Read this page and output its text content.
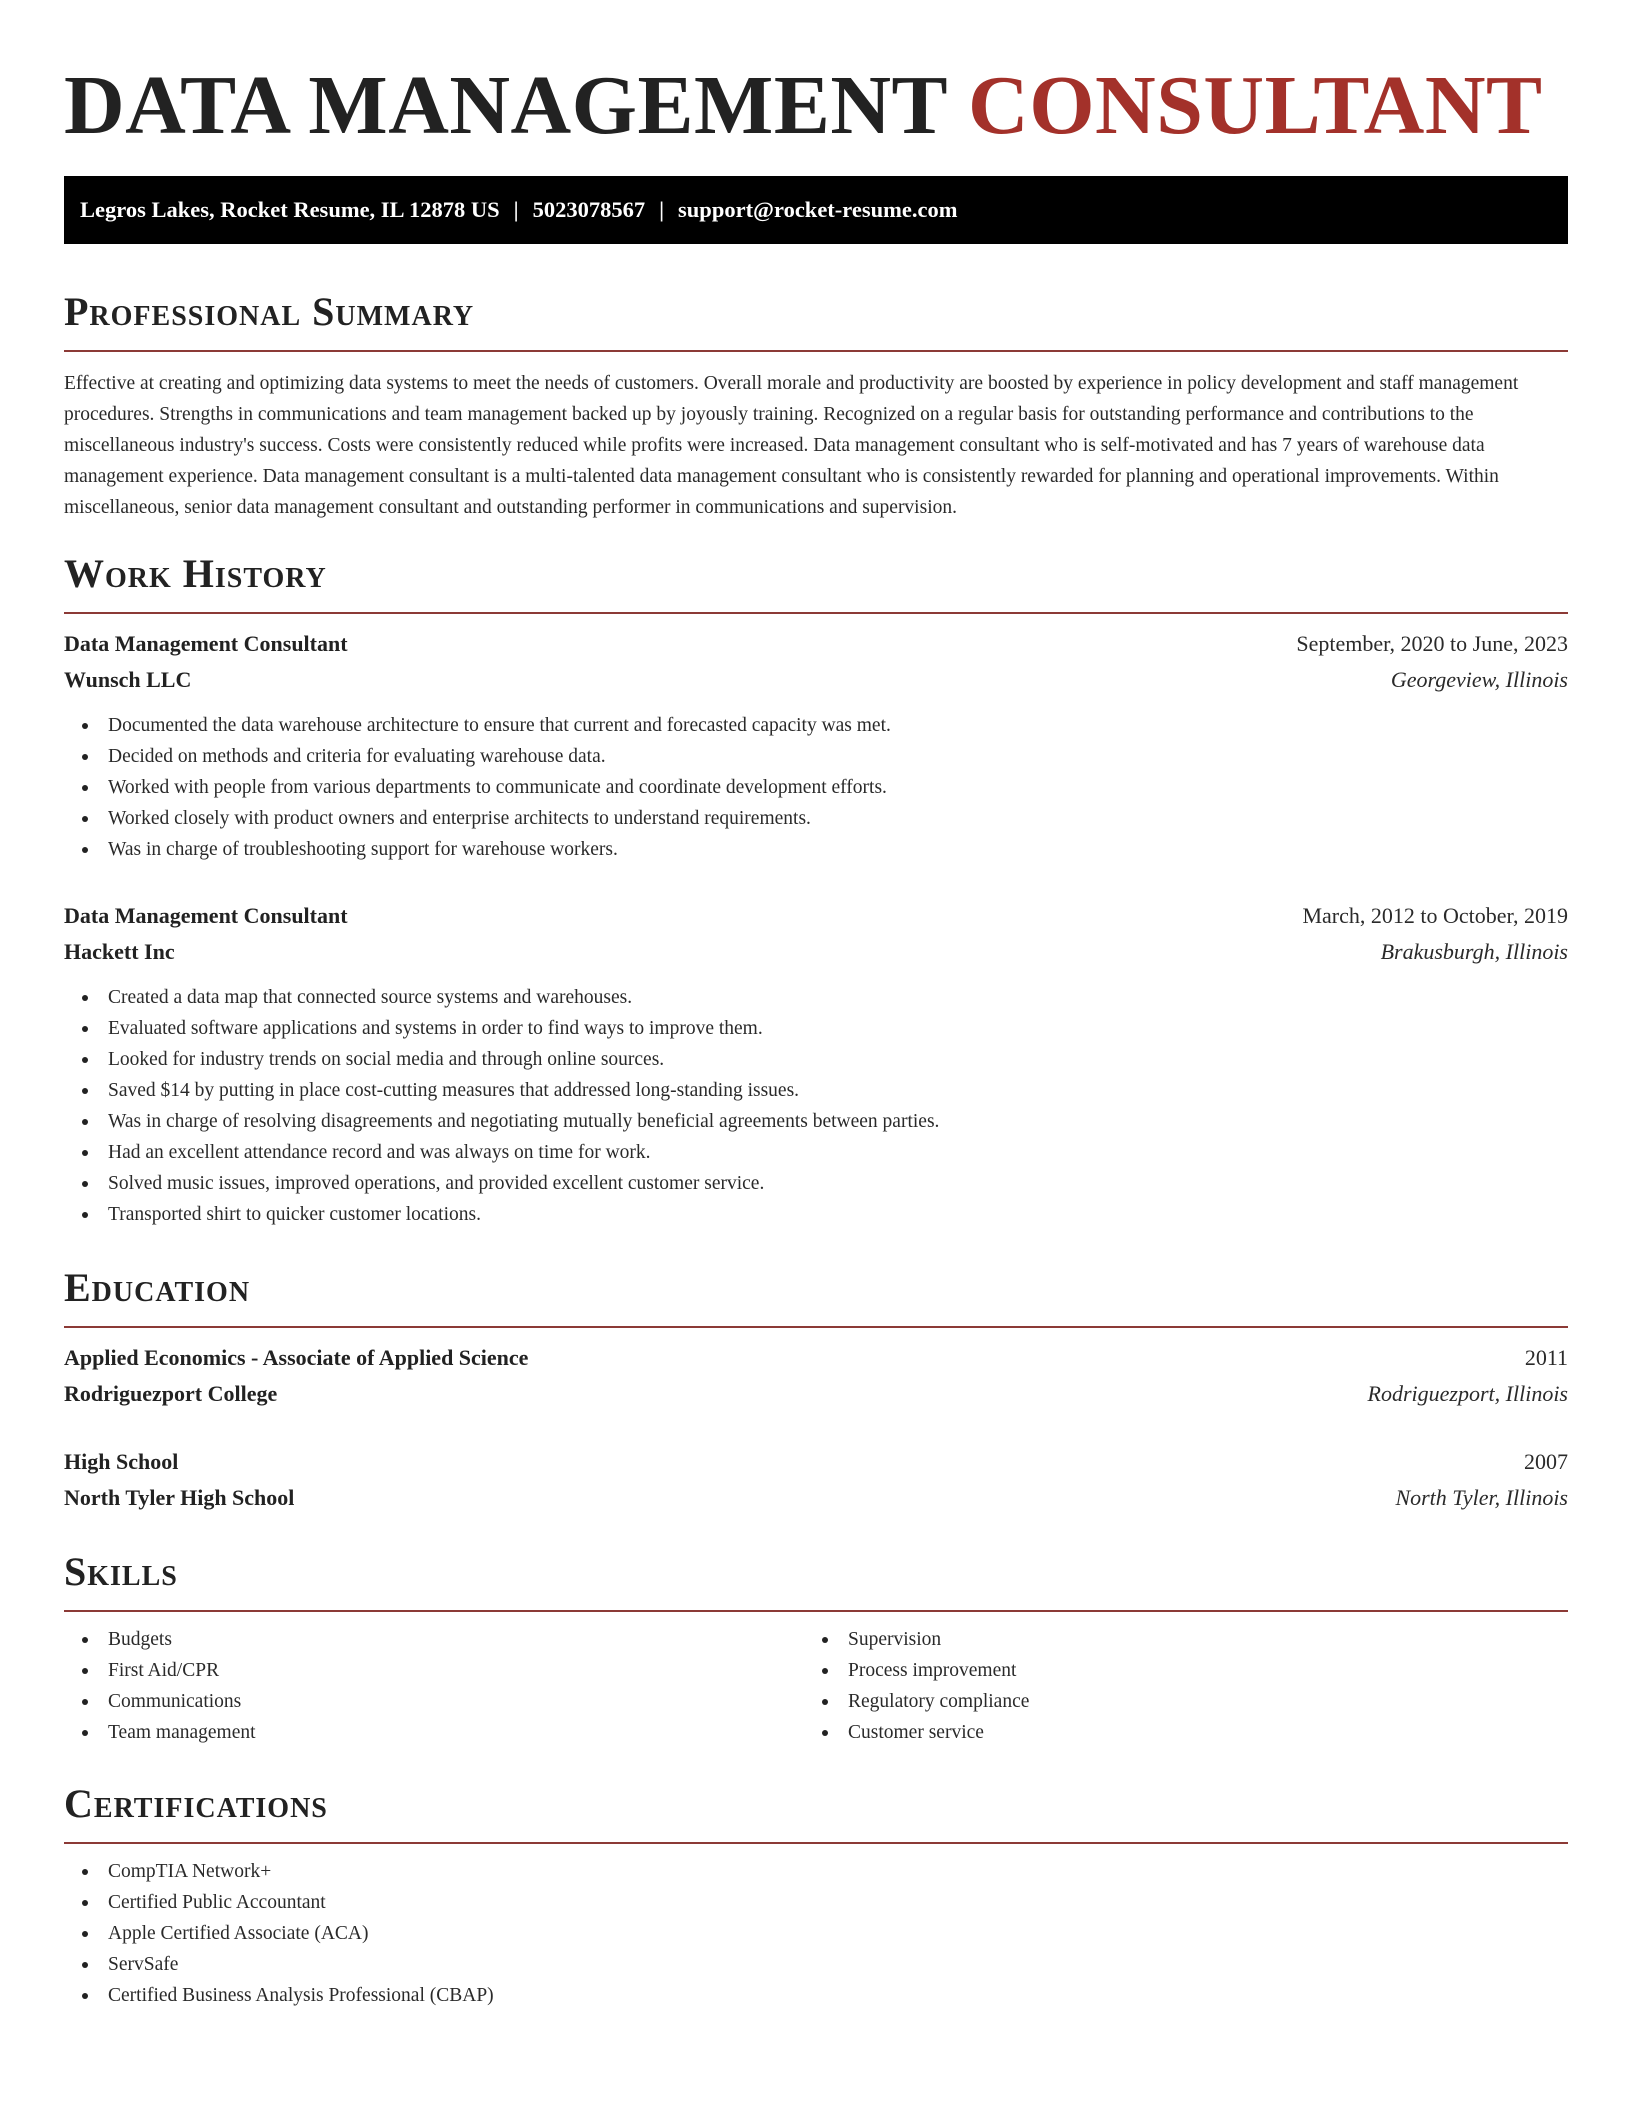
DATA MANAGEMENT CONSULTANT
Legros Lakes, Rocket Resume, IL 12878 US | 5023078567 | support@rocket-resume.com
Professional Summary

Effective at creating and optimizing data systems to meet the needs of customers. Overall morale and productivity are boosted by experience in policy development and staff management procedures. Strengths in communications and team management backed up by joyously training. Recognized on a regular basis for outstanding performance and contributions to the miscellaneous industry's success. Costs were consistently reduced while profits were increased. Data management consultant who is self-motivated and has 7 years of warehouse data management experience. Data management consultant is a multi-talented data management consultant who is consistently rewarded for planning and operational improvements. Within miscellaneous, senior data management consultant and outstanding performer in communications and supervision.

Work History
Data Management Consultant	September, 2020 to June, 2023
Wunsch LLC	Georgeview, Illinois
Documented the data warehouse architecture to ensure that current and forecasted capacity was met.
Decided on methods and criteria for evaluating warehouse data.
Worked with people from various departments to communicate and coordinate development efforts.
Worked closely with product owners and enterprise architects to understand requirements.
Was in charge of troubleshooting support for warehouse workers.
Data Management Consultant	March, 2012 to October, 2019
Hackett Inc	Brakusburgh, Illinois
Created a data map that connected source systems and warehouses.
Evaluated software applications and systems in order to find ways to improve them.
Looked for industry trends on social media and through online sources.
Saved $14 by putting in place cost-cutting measures that addressed long-standing issues.
Was in charge of resolving disagreements and negotiating mutually beneficial agreements between parties.
Had an excellent attendance record and was always on time for work.
Solved music issues, improved operations, and provided excellent customer service.
Transported shirt to quicker customer locations.
Education
Applied Economics - Associate of Applied Science	2011
Rodriguezport College	Rodriguezport, Illinois
High School	2007
North Tyler High School	North Tyler, Illinois
Skills
Budgets
First Aid/CPR
Communications
Team management
Supervision
Process improvement
Regulatory compliance
Customer service
Certifications
CompTIA Network+
Certified Public Accountant
Apple Certified Associate (ACA)
ServSafe
Certified Business Analysis Professional (CBAP)
